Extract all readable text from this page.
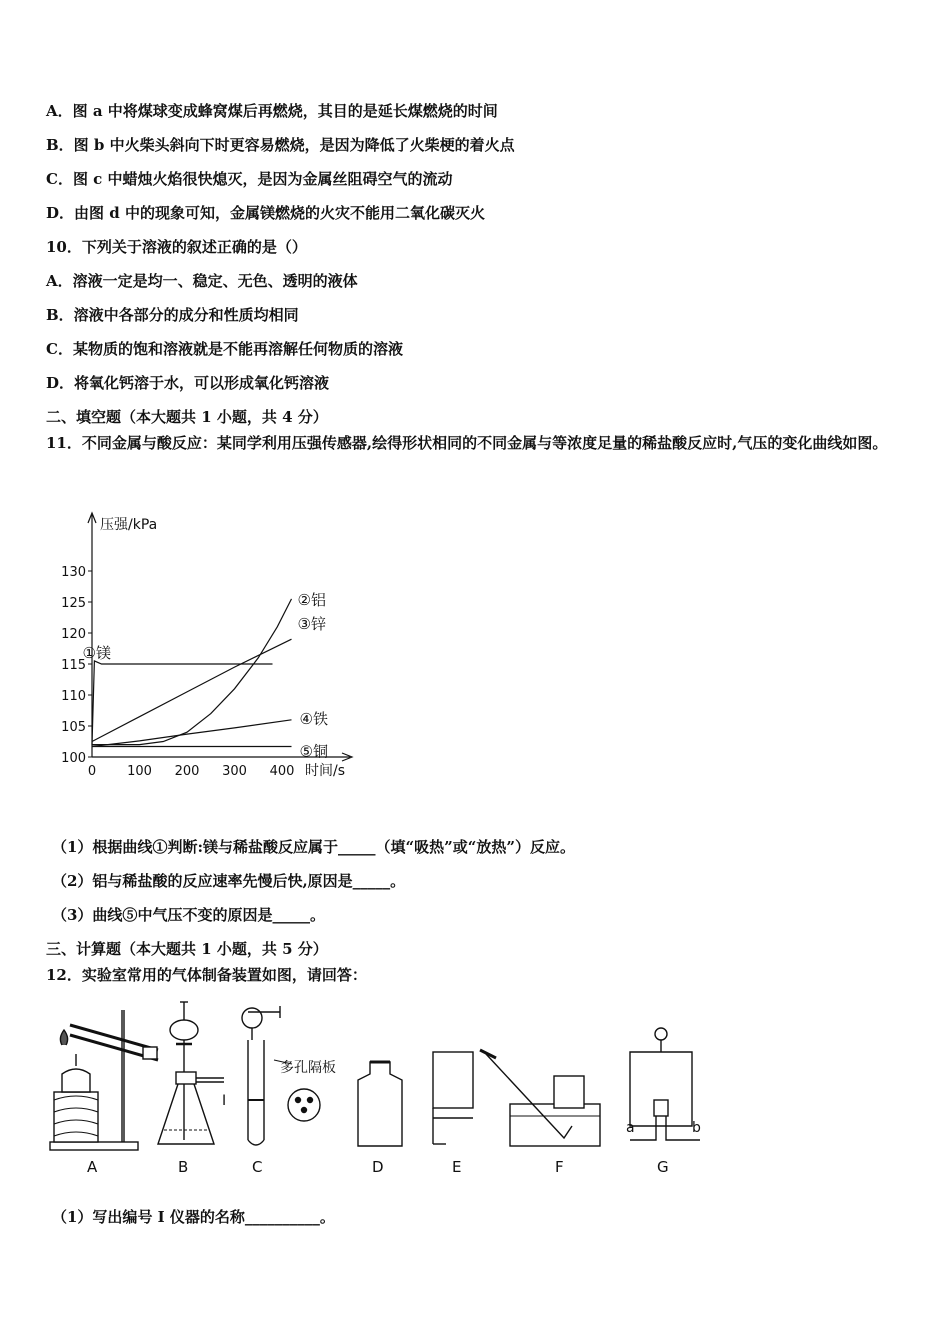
A．图 a 中将煤球变成蜂窝煤后再燃烧，其目的是延长煤燃烧的时间
B．图 b 中火柴头斜向下时更容易燃烧，是因为降低了火柴梗的着火点
C．图 c 中蜡烛火焰很快熄灭，是因为金属丝阻碍空气的流动
D．由图 d 中的现象可知，金属镁燃烧的火灾不能用二氧化碳灭火
10．下列关于溶液的叙述正确的是（）
A．溶液一定是均一、稳定、无色、透明的液体
B．溶液中各部分的成分和性质均相同
C．某物质的饱和溶液就是不能再溶解任何物质的溶液
D．将氧化钙溶于水，可以形成氧化钙溶液
二、填空题（本大题共 1 小题，共 4 分）
11．不同金属与酸反应：某同学利用压强传感器,绘得形状相同的不同金属与等浓度足量的稀盐酸反应时,气压的变化曲线如图。
压强/kPa
时间/s
100
105
110
115
120
125
130
0 100 200 300 400
①镁
②铝
③锌
④铁
⑤铜
（1）根据曲线①判断:镁与稀盐酸反应属于_____（填“吸热”或“放热”）反应。
（2）铝与稀盐酸的反应速率先慢后快,原因是_____。
（3）曲线⑤中气压不变的原因是_____。
三、计算题（本大题共 1 小题，共 5 分）
12．实验室常用的气体制备装置如图，请回答：
I
多孔隔板
a	b
A	B	C	D	E	F	G
（1）写出编号 I 仪器的名称__________。
